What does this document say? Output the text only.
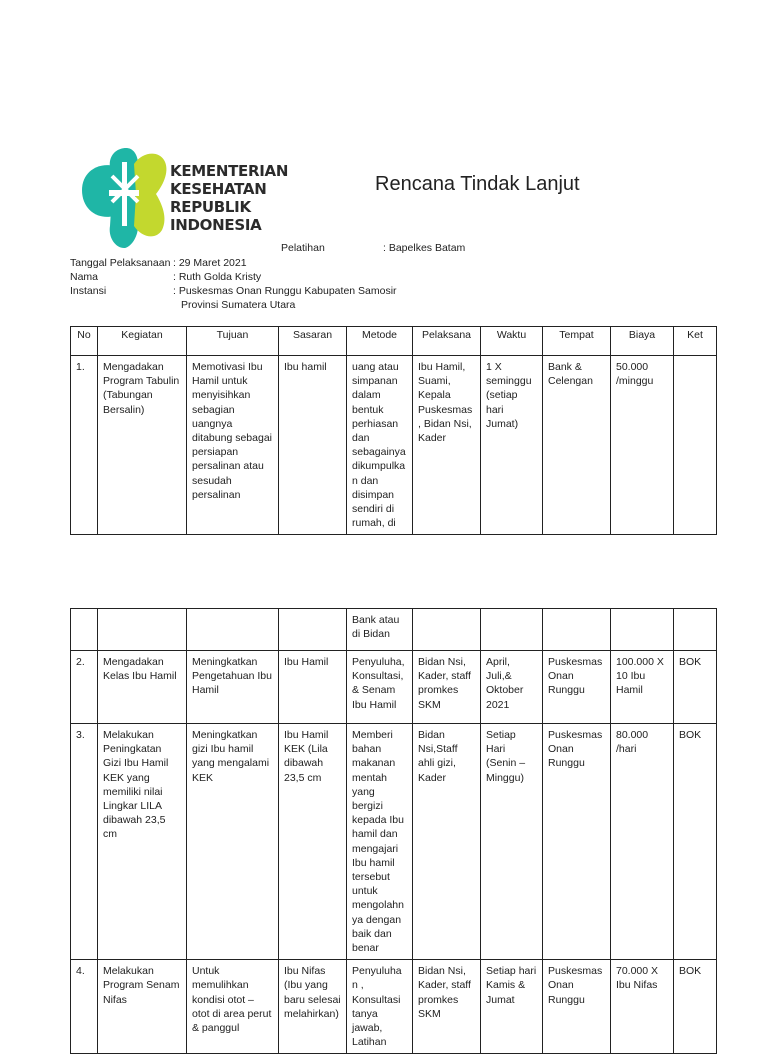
KEMENTERIAN
KESEHATAN
REPUBLIK
INDONESIA
Rencana Tindak Lanjut
Pelatihan	: Bapelkes Batam
Tanggal Pelaksanaan : 29 Maret 2021
Nama	: Ruth Golda Kristy
Instansi	: Puskesmas Onan Runggu Kabupaten Samosir
Provinsi Sumatera Utara
No	Kegiatan	Tujuan	Sasaran	Metode	Pelaksana	Waktu	Tempat	Biaya	Ket
1.	Mengadakan Program Tabulin (Tabungan Bersalin)	Memotivasi Ibu Hamil untuk menyisihkan sebagian uangnya ditabung sebagai persiapan persalinan atau sesudah persalinan	Ibu hamil	uang atau simpanan dalam bentuk perhiasan dan sebagainya dikumpulkan dan disimpan sendiri di rumah, di	Ibu Hamil, Suami, Kepala Puskesmas, Bidan Nsi, Kader	1 X seminggu (setiap hari Jumat)	Bank & Celengan	50.000 /minggu	
				Bank atau di Bidan					
2.	Mengadakan Kelas Ibu Hamil	Meningkatkan Pengetahuan Ibu Hamil	Ibu Hamil	Penyuluha, Konsultasi, & Senam Ibu Hamil	Bidan Nsi, Kader, staff promkes SKM	April, Juli,& Oktober 2021	Puskesmas Onan Runggu	100.000 X 10 Ibu Hamil	BOK
3.	Melakukan Peningkatan Gizi Ibu Hamil KEK yang memiliki nilai Lingkar LILA dibawah 23,5 cm	Meningkatkan gizi Ibu hamil yang mengalami KEK	Ibu Hamil KEK (Lila dibawah 23,5 cm	Memberi bahan makanan mentah yang bergizi kepada Ibu hamil dan mengajari Ibu hamil tersebut untuk mengolahnya dengan baik dan benar	Bidan Nsi,Staff ahli gizi, Kader	Setiap Hari (Senin – Minggu)	Puskesmas Onan Runggu	80.000 /hari	BOK
4.	Melakukan Program Senam Nifas	Untuk memulihkan kondisi otot – otot di area perut & panggul	Ibu Nifas (Ibu yang baru selesai melahirkan)	Penyuluhan , Konsultasi tanya jawab, Latihan	Bidan Nsi, Kader, staff promkes SKM	Setiap hari Kamis & Jumat	Puskesmas Onan Runggu	70.000 X Ibu Nifas	BOK
